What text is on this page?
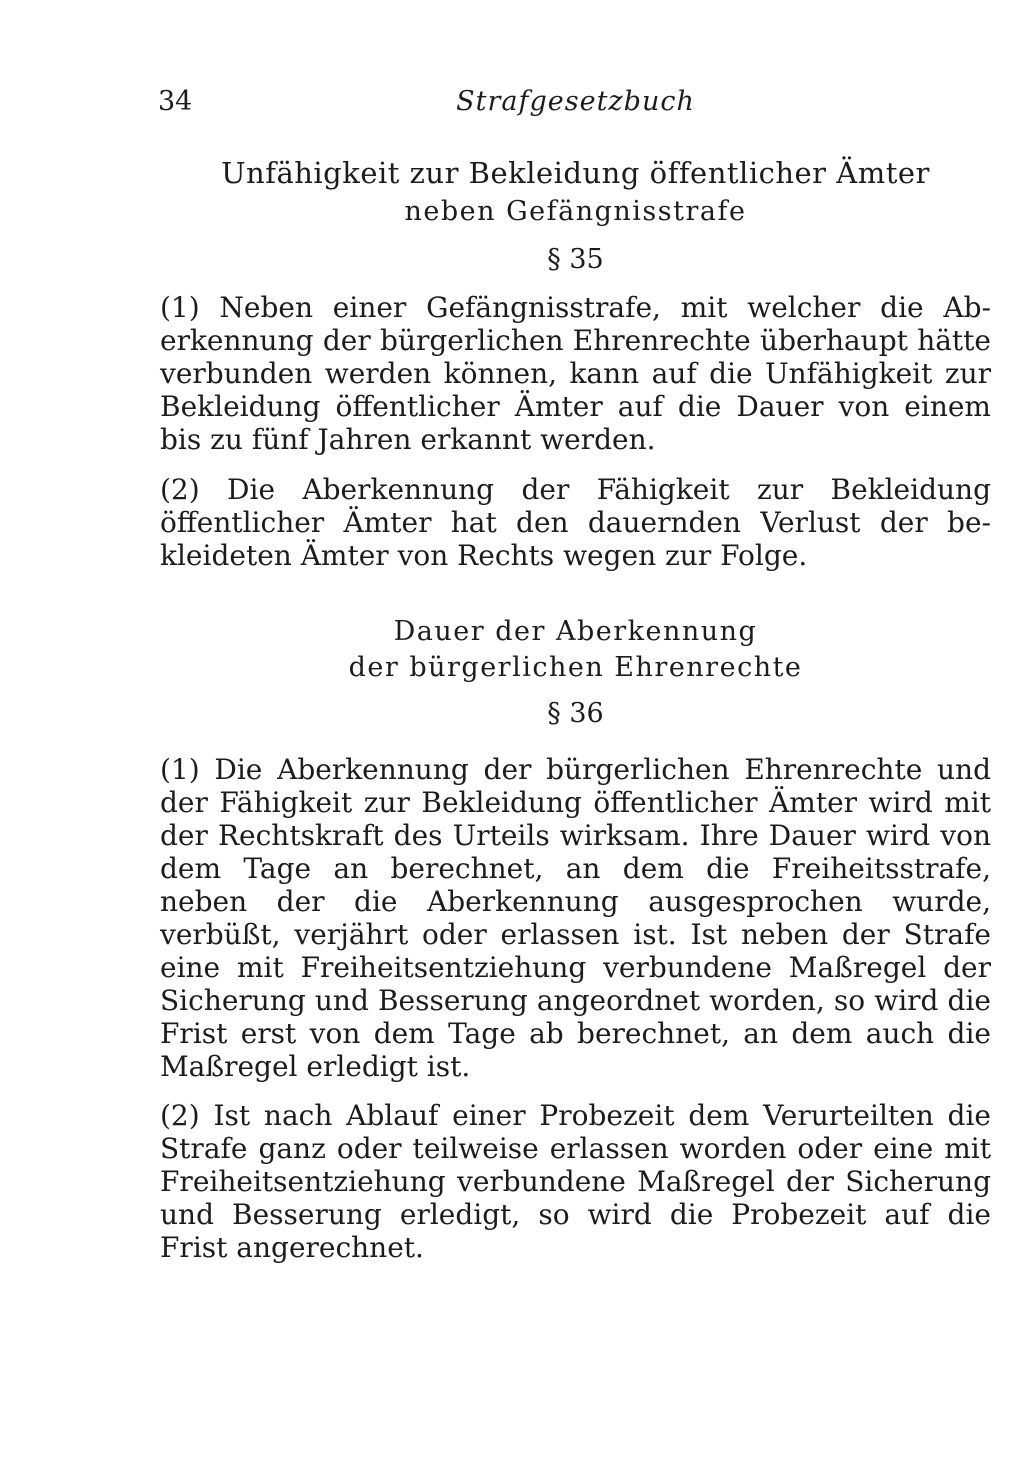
34	Strafgesetzbuch
Unfähigkeit zur Bekleidung öffentlicher Ämter
neben Gefängnisstrafe
§ 35

(1) Neben einer Gefängnisstrafe, mit welcher die Aberkennung der bürgerlichen Ehrenrechte überhaupt hätte verbunden werden können, kann auf die Unfähigkeit zur Bekleidung öffentlicher Ämter auf die Dauer von einem bis zu fünf Jahren erkannt werden.

(2) Die Aberkennung der Fähigkeit zur Bekleidung öffentlicher Ämter hat den dauernden Verlust der bekleideten Ämter von Rechts wegen zur Folge.

Dauer der Aberkennung
der bürgerlichen Ehrenrechte
§ 36

(1) Die Aberkennung der bürgerlichen Ehrenrechte und der Fähigkeit zur Bekleidung öffentlicher Ämter wird mit der Rechtskraft des Urteils wirksam. Ihre Dauer wird von dem Tage an berechnet, an dem die Freiheitsstrafe, neben der die Aberkennung ausgesprochen wurde, verbüßt, verjährt oder erlassen ist. Ist neben der Strafe eine mit Freiheitsentziehung verbundene Maßregel der Sicherung und Besserung angeordnet worden, so wird die Frist erst von dem Tage ab berechnet, an dem auch die Maßregel erledigt ist.

(2) Ist nach Ablauf einer Probezeit dem Verurteilten die Strafe ganz oder teilweise erlassen worden oder eine mit Freiheitsentziehung verbundene Maßregel der Sicherung und Besserung erledigt, so wird die Probezeit auf die Frist angerechnet.
